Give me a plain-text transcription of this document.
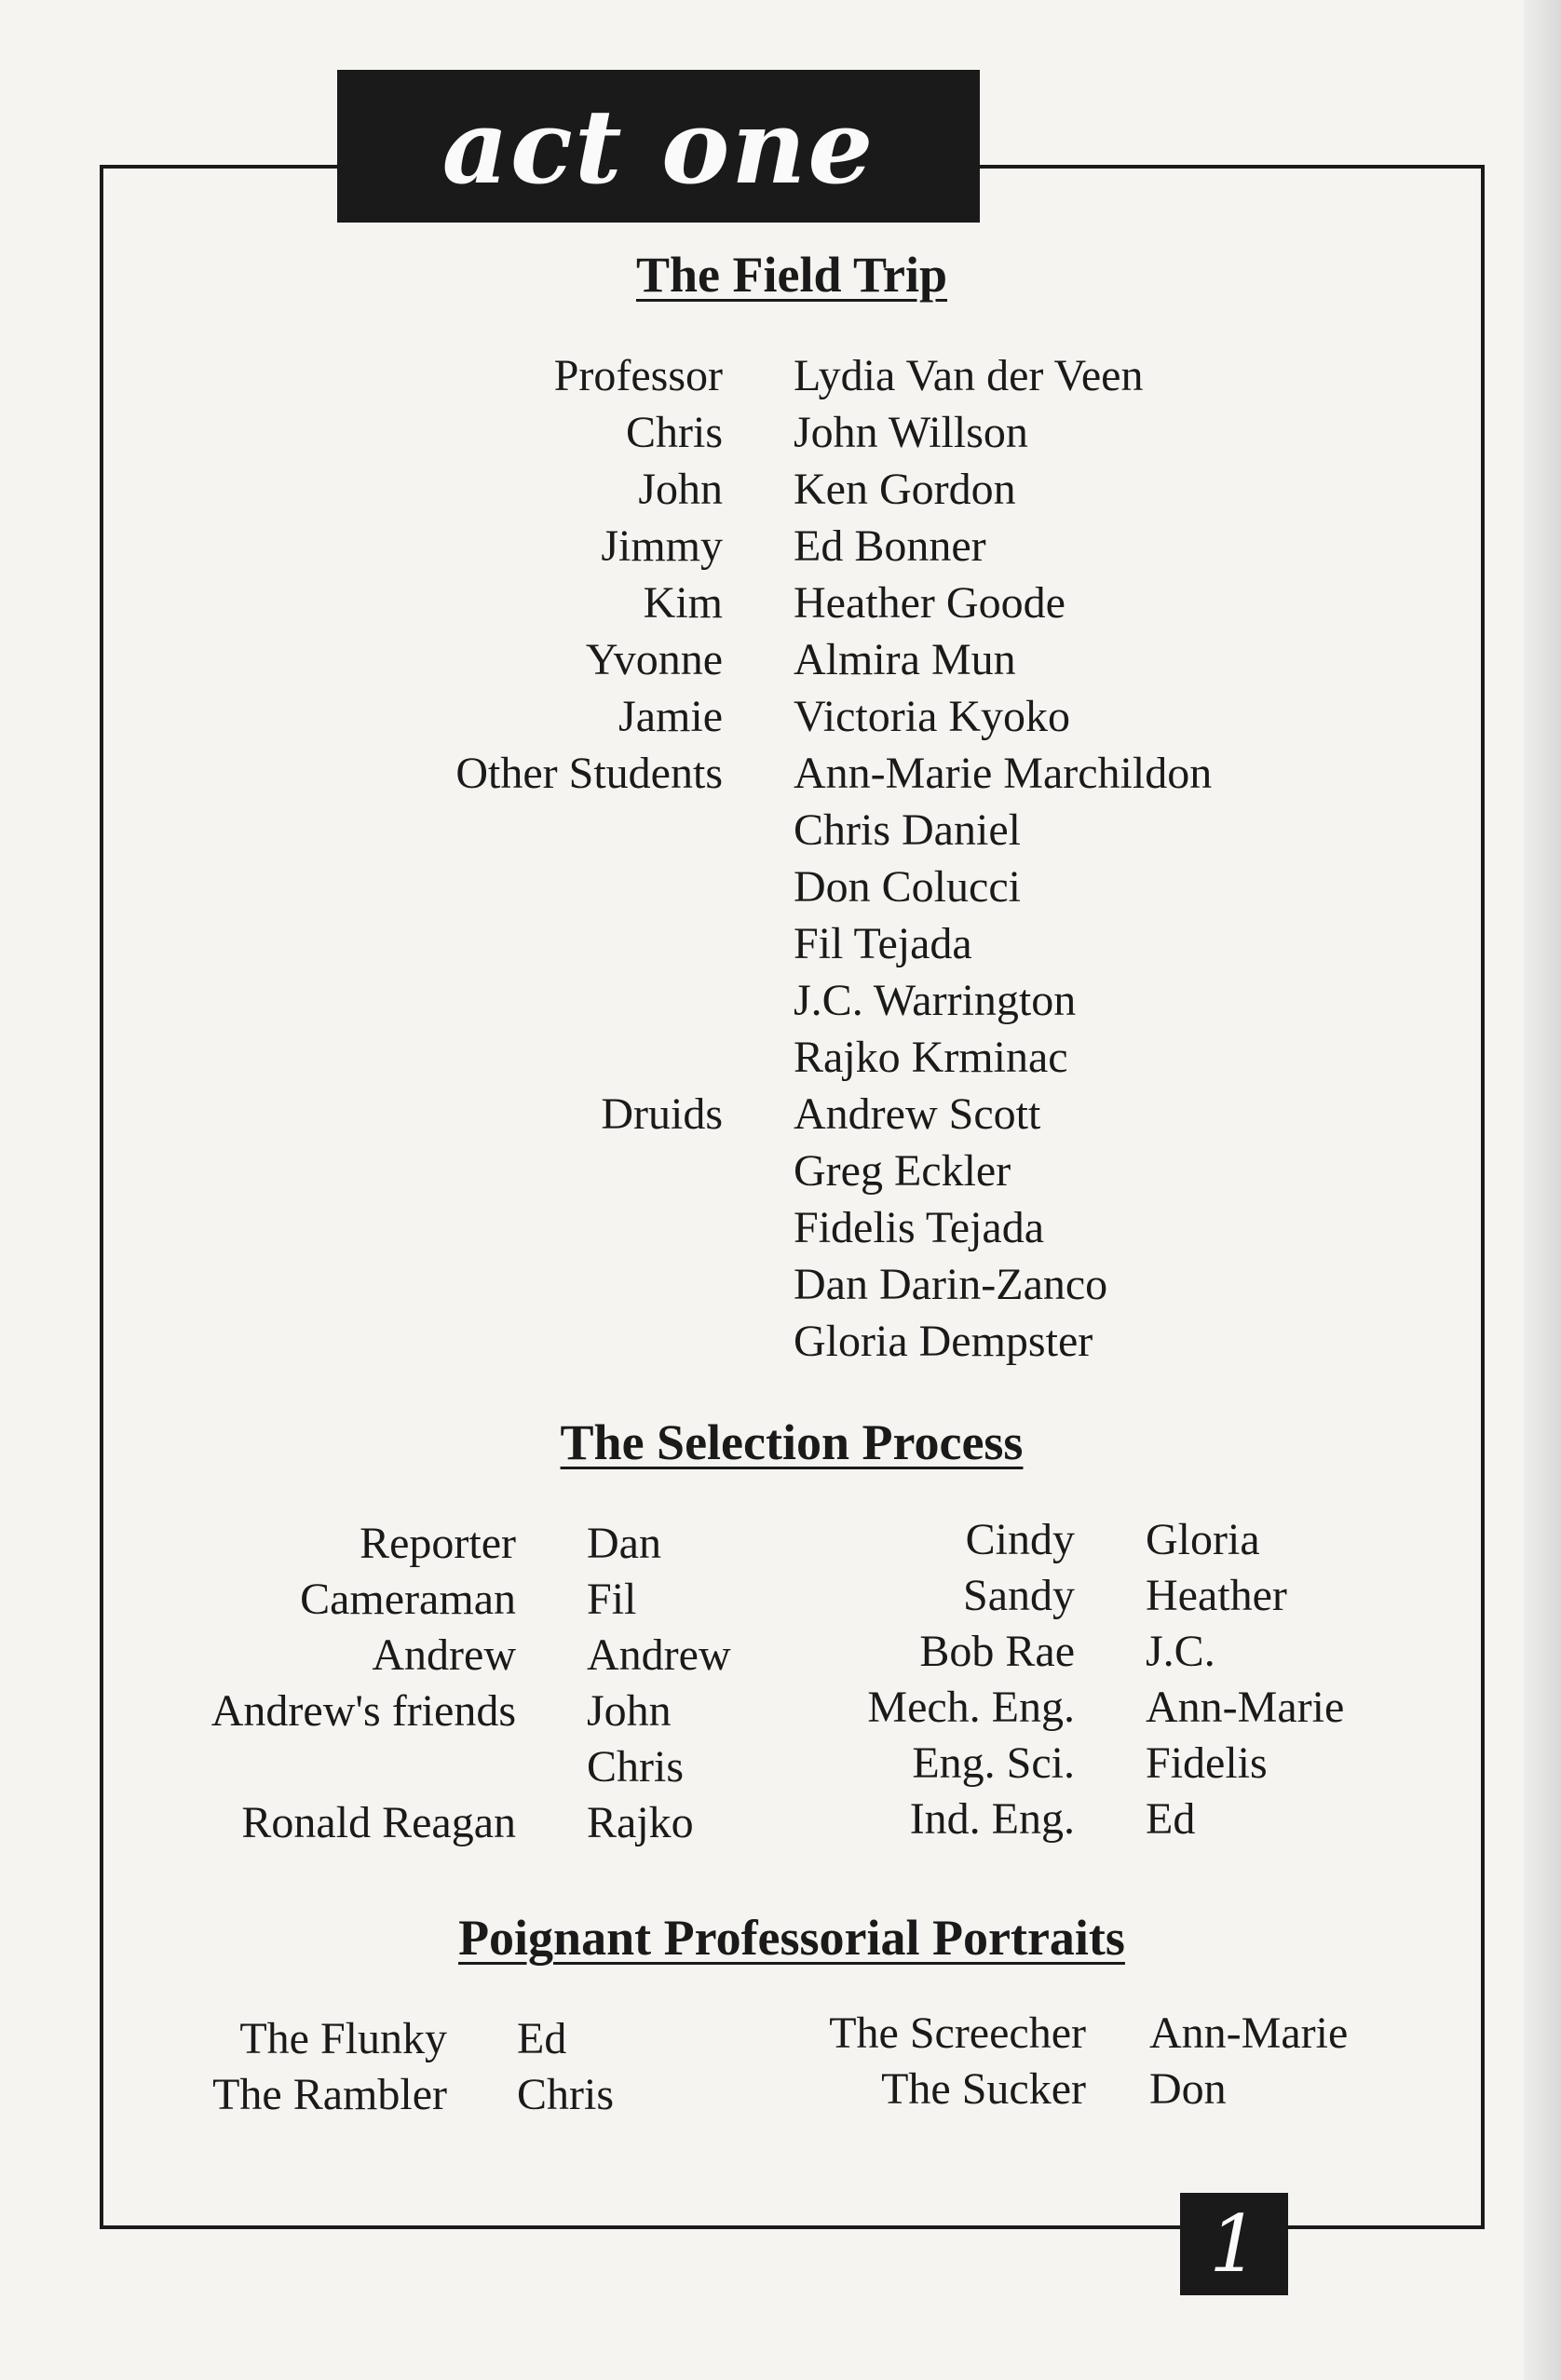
act one
The Field Trip
Professor
Chris
John
Jimmy
Kim
Yvonne
Jamie
Other Students
Druids
Lydia Van der Veen
John Willson
Ken Gordon
Ed Bonner
Heather Goode
Almira Mun
Victoria Kyoko
Ann-Marie Marchildon
Chris Daniel
Don Colucci
Fil Tejada
J.C. Warrington
Rajko Krminac
Andrew Scott
Greg Eckler
Fidelis Tejada
Dan Darin-Zanco
Gloria Dempster
The Selection Process
Reporter
Cameraman
Andrew
Andrew's friends
Ronald Reagan
Dan
Fil
Andrew
John
Chris
Rajko
Cindy
Sandy
Bob Rae
Mech. Eng.
Eng. Sci.
Ind. Eng.
Gloria
Heather
J.C.
Ann-Marie
Fidelis
Ed
Poignant Professorial Portraits
The Flunky
The Rambler
Ed
Chris
The Screecher
The Sucker
Ann-Marie
Don
1
